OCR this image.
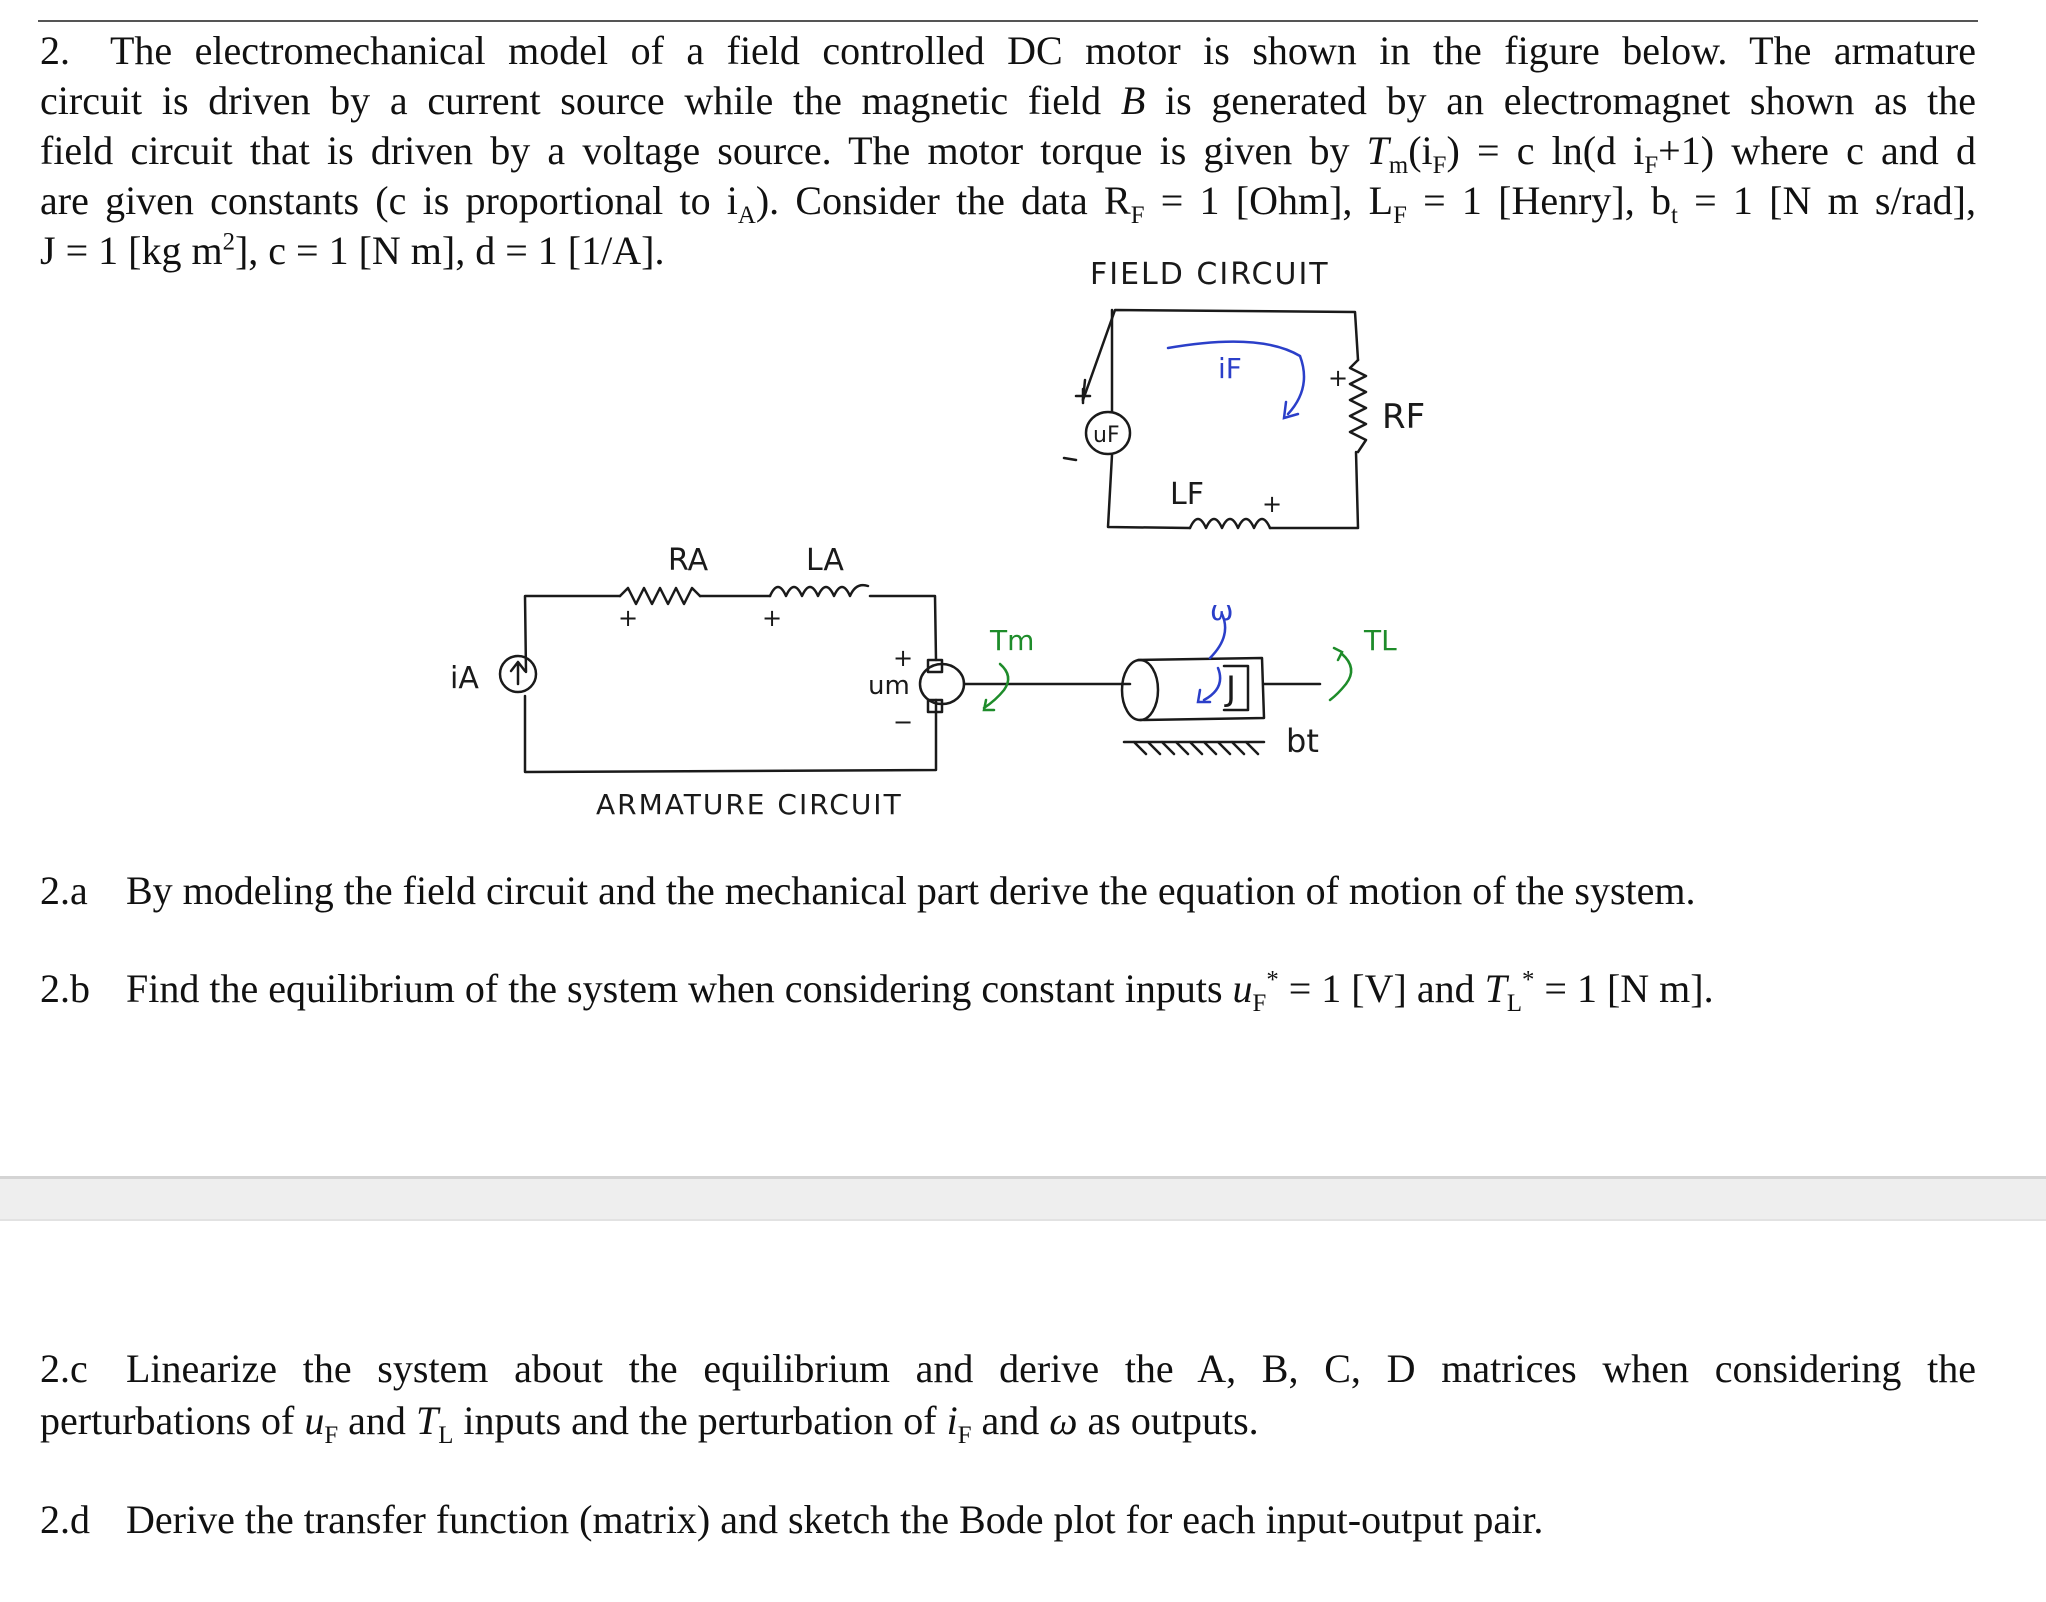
2. The electromechanical model of a field controlled DC motor is shown in the figure below. The armature
circuit is driven by a current source while the magnetic field B is generated by an electromagnet shown as the
field circuit that is driven by a voltage source. The motor torque is given by $T_m(i_F) = c$ ln(d $i_F+1$) where c and d
are given constants (c is proportional to $i_A$). Consider the data $R_F = 1$ [Ohm], $L_F = 1$ [Henry], $b_t = 1$ [N m s/rad],
J = 1 [kg $m^2$], c = 1 [N m], d = 1 [1/A].
FIELD CIRCUIT
uF	RF
LF
RA	LA
iA	um	J
bt
ARMATURE CIRCUIT
+
+
+	+
+
−
iF
ω
Tm	TL
2.a By modeling the field circuit and the mechanical part derive the equation of motion of the system.
2.b Find the equilibrium of the system when considering constant inputs $u_F^* = 1$ [V] and $T_L^* = 1$ [N m].
2.c Linearize the system about the equilibrium and derive the A, B, C, D matrices when considering the
perturbations of $u_F$ and $T_L$ inputs and the perturbation of $i_F$ and ω as outputs.
2.d Derive the transfer function (matrix) and sketch the Bode plot for each input-output pair.
